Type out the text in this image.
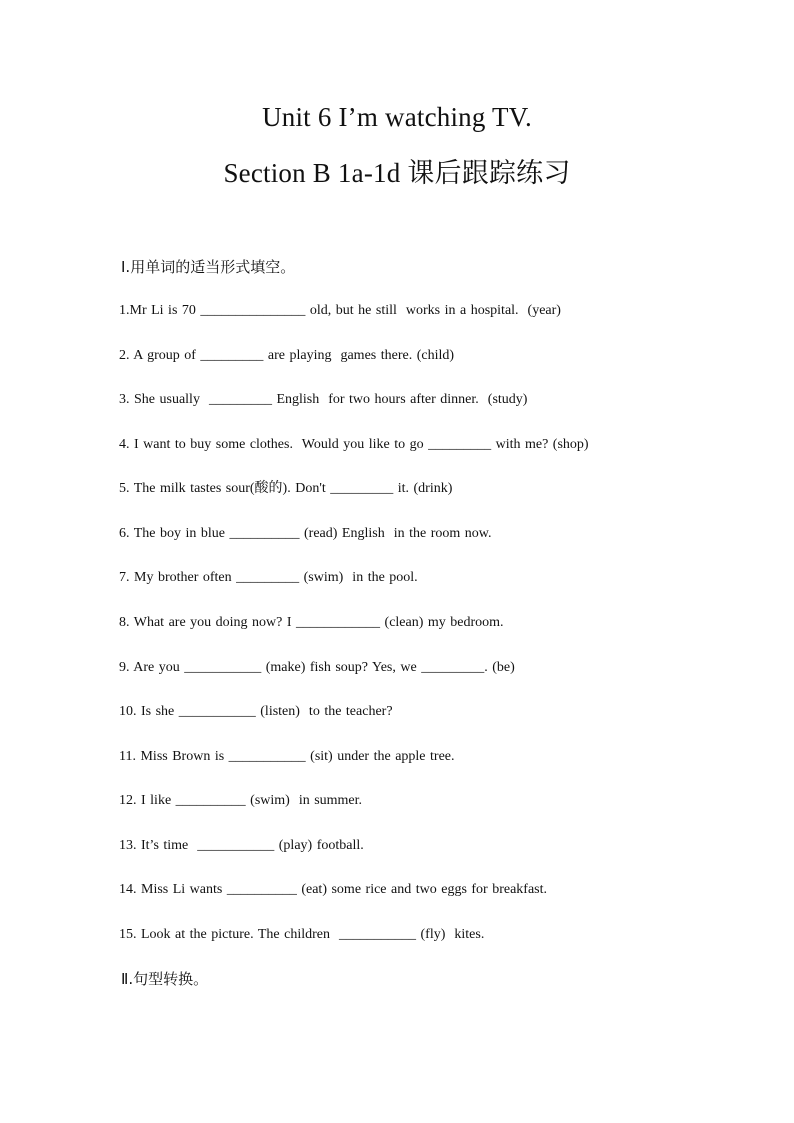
Unit 6 I’m watching TV.
Section B 1a-1d 课后跟踪练习
Ⅰ.用单词的适当形式填空。
1.Mr Li is 70 _______________ old, but he still  works in a hospital.  (year)
2. A group of _________ are playing  games there. (child)
3. She usually  _________ English  for two hours after dinner.  (study)
4. I want to buy some clothes.  Would you like to go _________ with me? (shop)
5. The milk tastes sour(酸的). Don't _________ it. (drink)
6. The boy in blue __________ (read) English  in the room now.
7. My brother often _________ (swim)  in the pool.
8. What are you doing now? I ____________ (clean) my bedroom.
9. Are you ___________ (make) fish soup? Yes, we _________. (be)
10. Is she ___________ (listen)  to the teacher?
11. Miss Brown is ___________ (sit) under the apple tree.
12. I like __________ (swim)  in summer.
13. It’s time  ___________ (play) football.
14. Miss Li wants __________ (eat) some rice and two eggs for breakfast.
15. Look at the picture. The children  ___________ (fly)  kites.
Ⅱ.句型转换。
